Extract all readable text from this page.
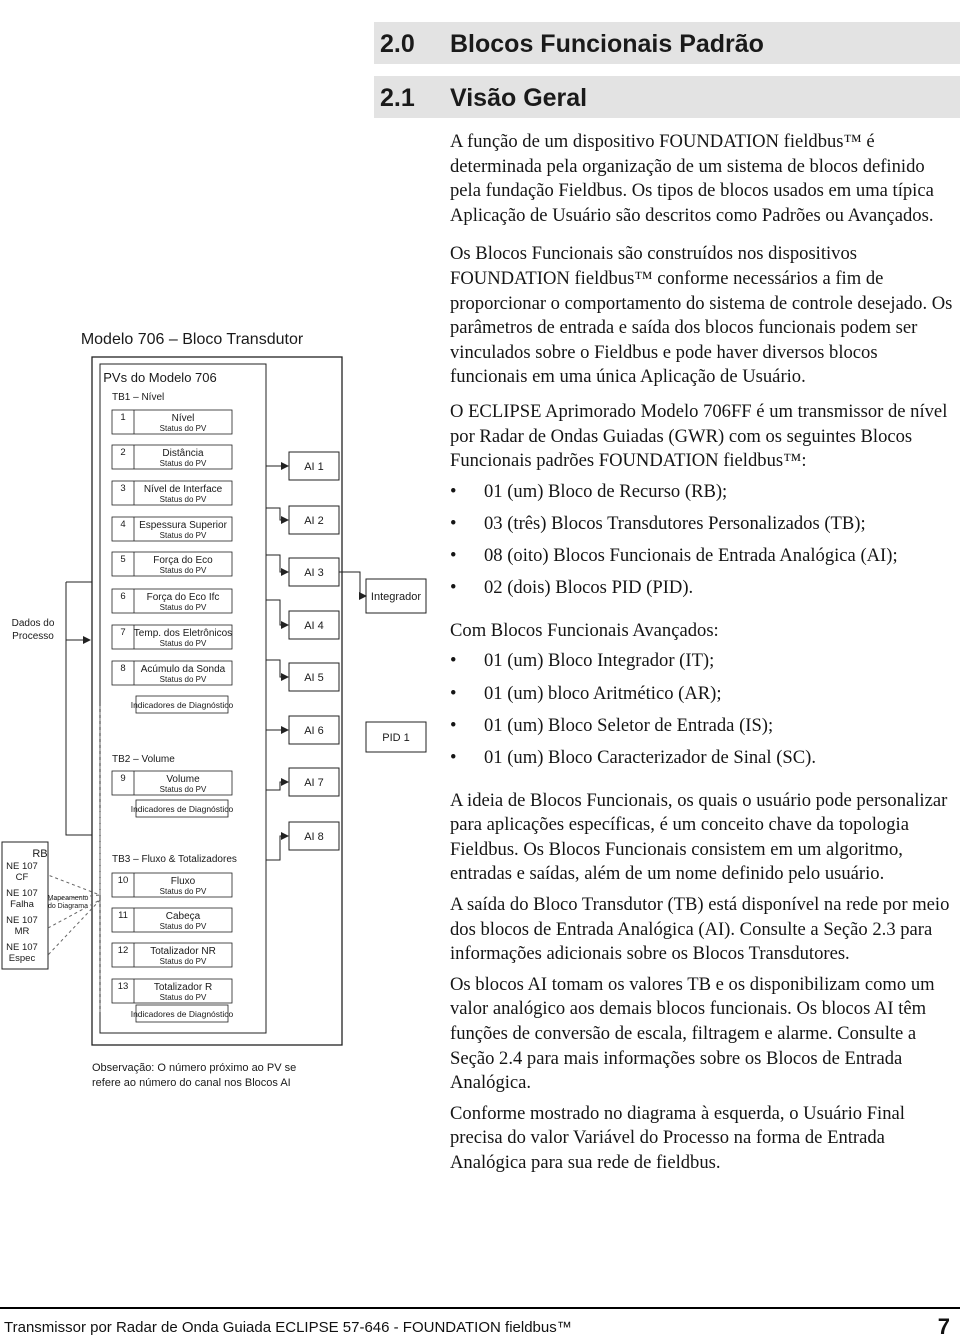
2.0 Blocos Funcionais Padrão
2.1 Visão Geral

A função de um dispositivo FOUNDATION fieldbus™ é determinada pela organização de um sistema de blocos definido pela fundação Fieldbus. Os tipos de blocos usados em uma típica Aplicação de Usuário são descritos como Padrões ou Avançados.

Os Blocos Funcionais são construídos nos dispositivos FOUNDATION fieldbus™ conforme necessários a fim de proporcionar o comportamento do sistema de controle desejado. Os parâmetros de entrada e saída dos blocos funcionais podem ser vinculados sobre o Fieldbus e pode haver diversos blocos funcionais em uma única Aplicação de Usuário.

O ECLIPSE Aprimorado Modelo 706FF é um transmissor de nível por Radar de Ondas Guiadas (GWR) com os seguintes Blocos Funcionais padrões FOUNDATION fieldbus™:

• 01 (um) Bloco de Recurso (RB);
• 03 (três) Blocos Transdutores Personalizados (TB);
• 08 (oito) Blocos Funcionais de Entrada Analógica (AI);
• 02 (dois) Blocos PID (PID).

Com Blocos Funcionais Avançados:

• 01 (um) Bloco Integrador (IT);
• 01 (um) bloco Aritmético (AR);
• 01 (um) Bloco Seletor de Entrada (IS);
• 01 (um) Bloco Caracterizador de Sinal (SC).

A ideia de Blocos Funcionais, os quais o usuário pode personalizar para aplicações específicas, é um conceito chave da topologia Fieldbus. Os Blocos Funcionais consistem em um algoritmo, entradas e saídas, além de um nome definido pelo usuário.

A saída do Bloco Transdutor (TB) está disponível na rede por meio dos blocos de Entrada Analógica (AI). Consulte a Seção 2.3 para informações adicionais sobre os Blocos Transdutores.

Os blocos AI tomam os valores TB e os disponibilizam como um valor analógico aos demais blocos funcionais. Os blocos AI têm funções de conversão de escala, filtragem e alarme. Consulte a Seção 2.4 para mais informações sobre os Blocos de Entrada Analógica.

Conforme mostrado no diagrama à esquerda, o Usuário Final precisa do valor Variável do Processo na forma de Entrada Analógica para sua rede de fieldbus.

Modelo 706 – Bloco Transdutor
PVs do Modelo 706
TB1 – Nível
TB2 – Volume
TB3 – Fluxo & Totalizadores
1	Nível
Status do PV
2	Distância
Status do PV
3 Nível de Interface
Status do PV
4 Espessura Superior
Status do PV
5	Força do Eco
Status do PV
6 Força do Eco Ifc
Status do PV
7 Temp. dos Eletrônicos
Status do PV
8 Acúmulo da Sonda
Status do PV
9	Volume
Status do PV
10	Fluxo
Status do PV
11	Cabeça
Status do PV
12 Totalizador NR
Status do PV
13	Totalizador R
Status do PV
Indicadores de Diagnóstico
Indicadores de Diagnóstico
Indicadores de Diagnóstico
AI 1
AI 2
AI 3
AI 4
AI 5
AI 6
AI 7
AI 8
Integrador
PID 1
Dados do
Processo
RB
NE 107
CF
NE 107
Falha
NE 107
MR
NE 107
Espec
Mapeamento
do Diagrama
Observação: O número próximo ao PV se
refere ao número do canal nos Blocos AI
Transmissor por Radar de Onda Guiada ECLIPSE 57-646 - FOUNDATION fieldbus™	7
